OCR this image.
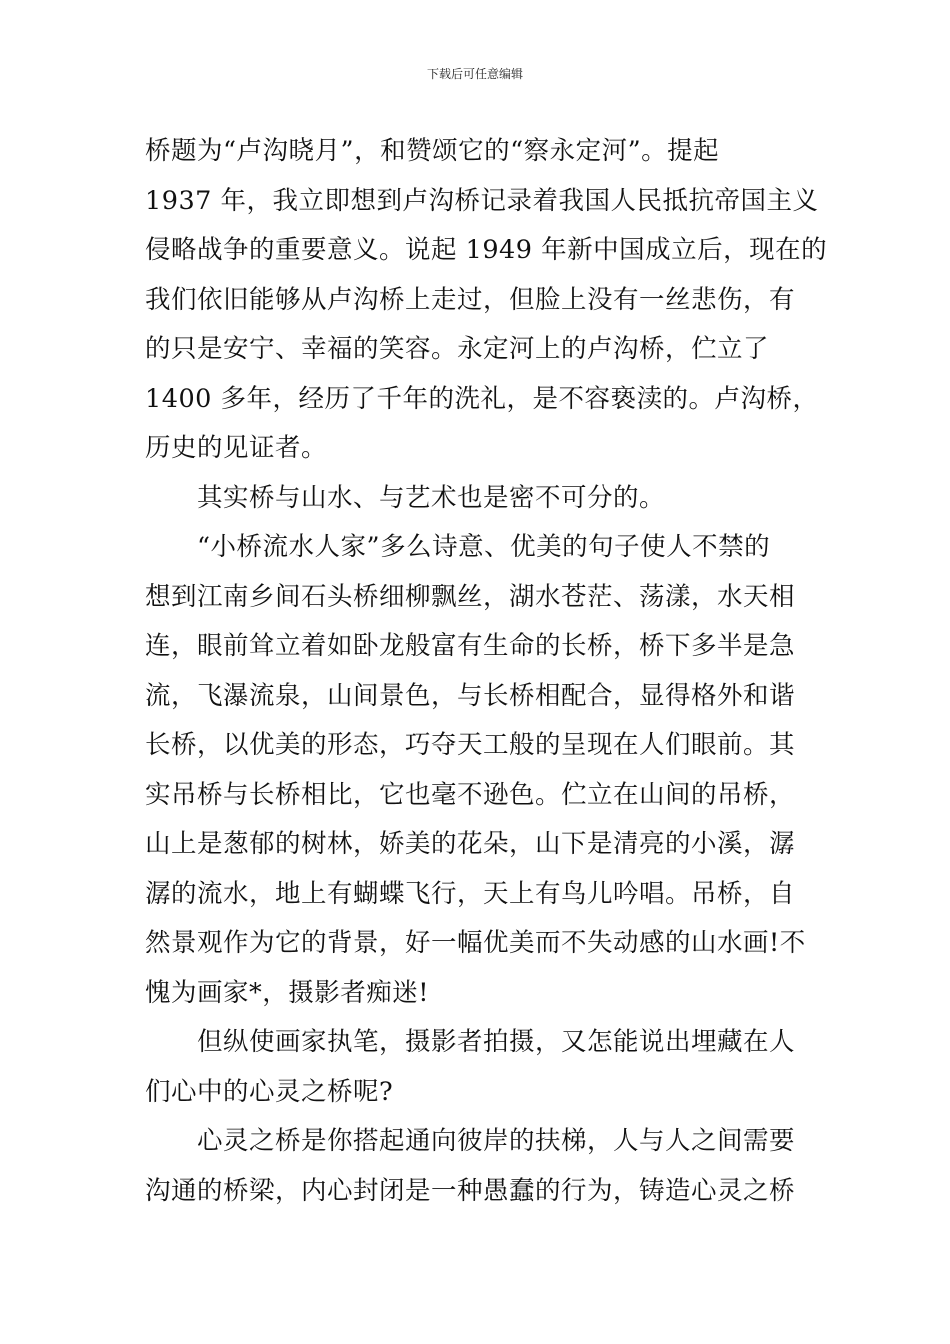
下载后可任意编辑
桥题为“卢沟晓月”，和赞颂它的“察永定河”。提起
1937 年，我立即想到卢沟桥记录着我国人民抵抗帝国主义
侵略战争的重要意义。说起 1949 年新中国成立后，现在的
我们依旧能够从卢沟桥上走过，但脸上没有一丝悲伤，有
的只是安宁、幸福的笑容。永定河上的卢沟桥，伫立了
1400 多年，经历了千年的洗礼，是不容亵渎的。卢沟桥，
历史的见证者。
其实桥与山水、与艺术也是密不可分的。
“小桥流水人家”多么诗意、优美的句子使人不禁的
想到江南乡间石头桥细柳飘丝，湖水苍茫、荡漾，水天相
连，眼前耸立着如卧龙般富有生命的长桥，桥下多半是急
流，飞瀑流泉，山间景色，与长桥相配合，显得格外和谐
长桥，以优美的形态，巧夺天工般的呈现在人们眼前。其
实吊桥与长桥相比，它也毫不逊色。伫立在山间的吊桥，
山上是葱郁的树林，娇美的花朵，山下是清亮的小溪，潺
潺的流水，地上有蝴蝶飞行，天上有鸟儿吟唱。吊桥，自
然景观作为它的背景，好一幅优美而不失动感的山水画!不
愧为画家*，摄影者痴迷!
但纵使画家执笔，摄影者拍摄，又怎能说出埋藏在人
们心中的心灵之桥呢?
心灵之桥是你搭起通向彼岸的扶梯，人与人之间需要
沟通的桥梁，内心封闭是一种愚蠢的行为，铸造心灵之桥
